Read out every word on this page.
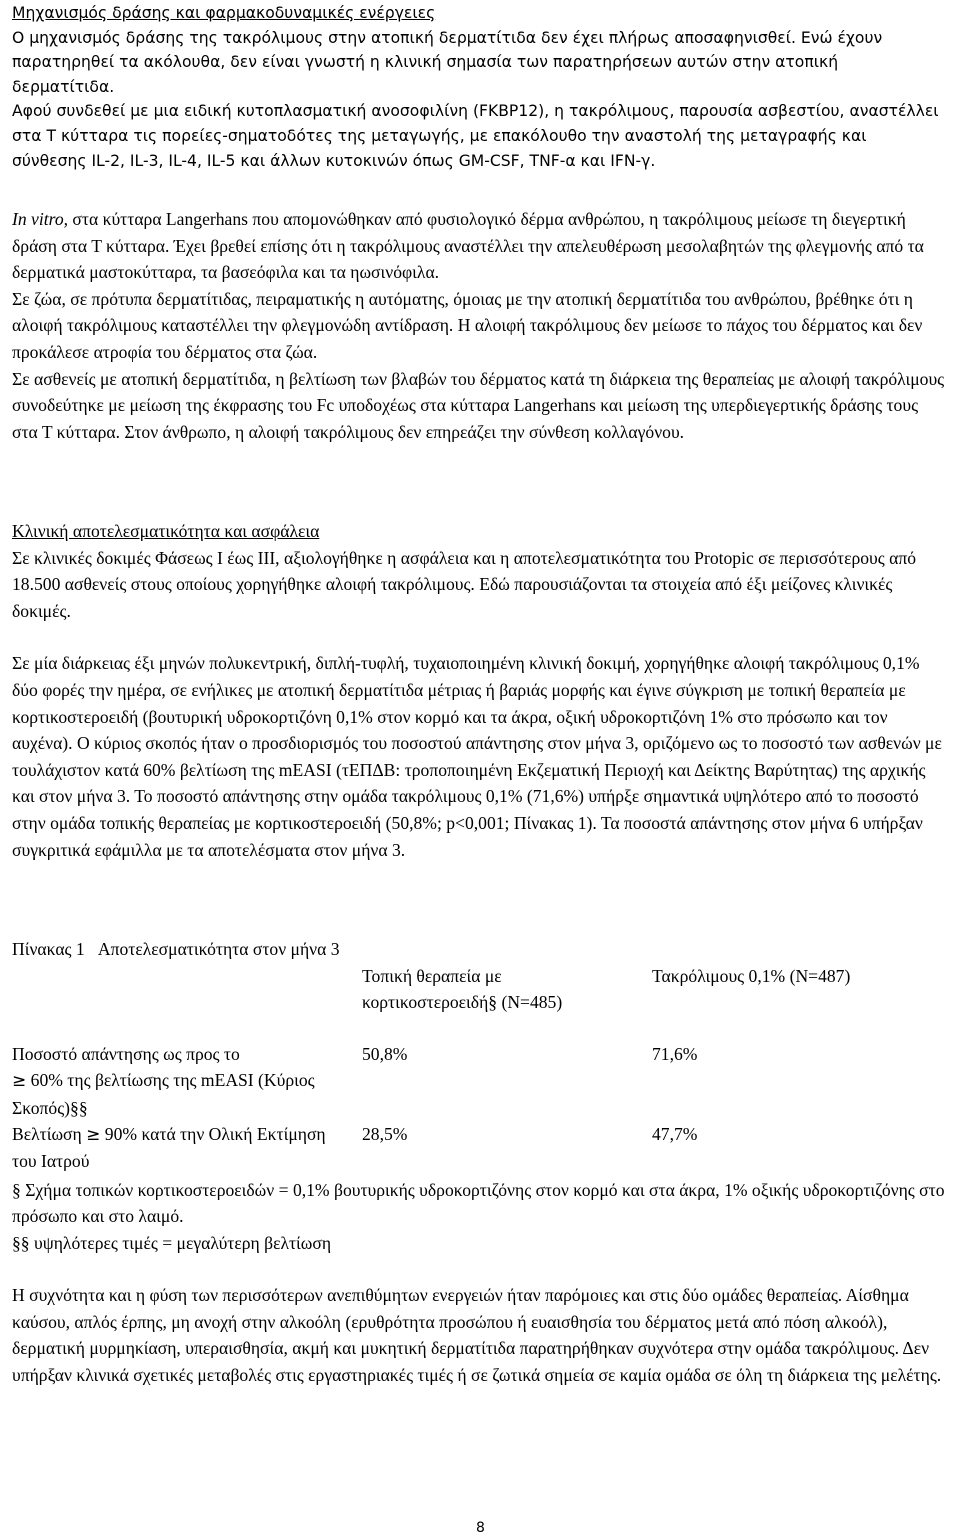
Μηχανισμός δράσης και φαρμακοδυναμικές ενέργειες

Ο μηχανισμός δράσης της τακρόλιμους στην ατοπική δερματίτιδα δεν έχει πλήρως αποσαφηνισθεί. Ενώ έχουν παρατηρηθεί τα ακόλουθα, δεν είναι γνωστή η κλινική σημασία των παρατηρήσεων αυτών στην ατοπική δερματίτιδα.

Αφού συνδεθεί με μια ειδική κυτοπλασματική ανοσοφιλίνη (FKBP12), η τακρόλιμους, παρουσία ασβεστίου, αναστέλλει στα Τ κύτταρα τις πορείες-σηματοδότες της μεταγωγής, με επακόλουθο την αναστολή της μεταγραφής και σύνθεσης IL-2, IL-3, IL-4, IL-5 και άλλων κυτοκινών όπως GM-CSF, TNF-α και IFN-γ.

In vitro, στα κύτταρα Langerhans που απομονώθηκαν από φυσιολογικό δέρμα ανθρώπου, η τακρόλιμους μείωσε τη διεγερτική δράση στα Τ κύτταρα. Έχει βρεθεί επίσης ότι η τακρόλιμους αναστέλλει την απελευθέρωση μεσολαβητών της φλεγμονής από τα δερματικά μαστοκύτταρα, τα βασεόφιλα και τα ηωσινόφιλα.

Σε ζώα, σε πρότυπα δερματίτιδας, πειραματικής η αυτόματης, όμοιας με την ατοπική δερματίτιδα του ανθρώπου, βρέθηκε ότι η αλοιφή τακρόλιμους καταστέλλει την φλεγμονώδη αντίδραση. Η αλοιφή τακρόλιμους δεν μείωσε το πάχος του δέρματος και δεν προκάλεσε ατροφία του δέρματος στα ζώα.

Σε ασθενείς με ατοπική δερματίτιδα, η βελτίωση των βλαβών του δέρματος κατά τη διάρκεια της θεραπείας με αλοιφή τακρόλιμους συνοδεύτηκε με μείωση της έκφρασης του Fc υποδοχέως στα κύτταρα Langerhans και μείωση της υπερδιεγερτικής δράσης τους στα Τ κύτταρα. Στον άνθρωπο, η αλοιφή τακρόλιμους δεν επηρεάζει την σύνθεση κολλαγόνου.

Κλινική αποτελεσματικότητα και ασφάλεια

Σε κλινικές δοκιμές Φάσεως Ι έως ΙΙΙ, αξιολογήθηκε η ασφάλεια και η αποτελεσματικότητα του Protopic σε περισσότερους από 18.500 ασθενείς στους οποίους χορηγήθηκε αλοιφή τακρόλιμους. Εδώ παρουσιάζονται τα στοιχεία από έξι μείζονες κλινικές δοκιμές.

Σε μία διάρκειας έξι μηνών πολυκεντρική, διπλή-τυφλή, τυχαιοποιημένη κλινική δοκιμή, χορηγήθηκε αλοιφή τακρόλιμους 0,1% δύο φορές την ημέρα, σε ενήλικες με ατοπική δερματίτιδα μέτριας ή βαριάς μορφής και έγινε σύγκριση με τοπική θεραπεία με κορτικοστεροειδή (βουτυρική υδροκορτιζόνη 0,1% στον κορμό και τα άκρα, οξική υδροκορτιζόνη 1% στο πρόσωπο και τον αυχένα). Ο κύριος σκοπός ήταν ο προσδιορισμός του ποσοστού απάντησης στον μήνα 3, οριζόμενο ως το ποσοστό των ασθενών με τουλάχιστον κατά 60% βελτίωση της mEASI (τΕΠΔΒ: τροποποιημένη Εκζεματική Περιοχή και Δείκτης Βαρύτητας) της αρχικής και στον μήνα 3. Το ποσοστό απάντησης στην ομάδα τακρόλιμους 0,1% (71,6%) υπήρξε σημαντικά υψηλότερο από το ποσοστό στην ομάδα τοπικής θεραπείας με κορτικοστεροειδή (50,8%; p<0,001; Πίνακας 1). Τα ποσοστά απάντησης στον μήνα 6 υπήρξαν συγκριτικά εφάμιλλα με τα αποτελέσματα στον μήνα 3.

Πίνακας 1 Αποτελεσματικότητα στον μήνα 3

Τοπική θεραπεία με κορτικοστεροειδή§ (N=485)
Τακρόλιμους 0,1% (N=487)
Ποσοστό απάντησης ως προς το
≥ 60% της βελτίωσης της mEASI (Κύριος Σκοπός)§§
50,8%	71,6%
Βελτίωση ≥ 90% κατά την Ολική Εκτίμηση του Ιατρού
28,5%	47,7%

§ Σχήμα τοπικών κορτικοστεροειδών = 0,1% βουτυρικής υδροκορτιζόνης στον κορμό και στα άκρα, 1% οξικής υδροκορτιζόνης στο πρόσωπο και στο λαιμό.

§§ υψηλότερες τιμές = μεγαλύτερη βελτίωση

Η συχνότητα και η φύση των περισσότερων ανεπιθύμητων ενεργειών ήταν παρόμοιες και στις δύο ομάδες θεραπείας. Αίσθημα καύσου, απλός έρπης, μη ανοχή στην αλκοόλη (ερυθρότητα προσώπου ή ευαισθησία του δέρματος μετά από πόση αλκοόλ), δερματική μυρμηκίαση, υπεραισθησία, ακμή και μυκητική δερματίτιδα παρατηρήθηκαν συχνότερα στην ομάδα τακρόλιμους. Δεν υπήρξαν κλινικά σχετικές μεταβολές στις εργαστηριακές τιμές ή σε ζωτικά σημεία σε καμία ομάδα σε όλη τη διάρκεια της μελέτης.

8
